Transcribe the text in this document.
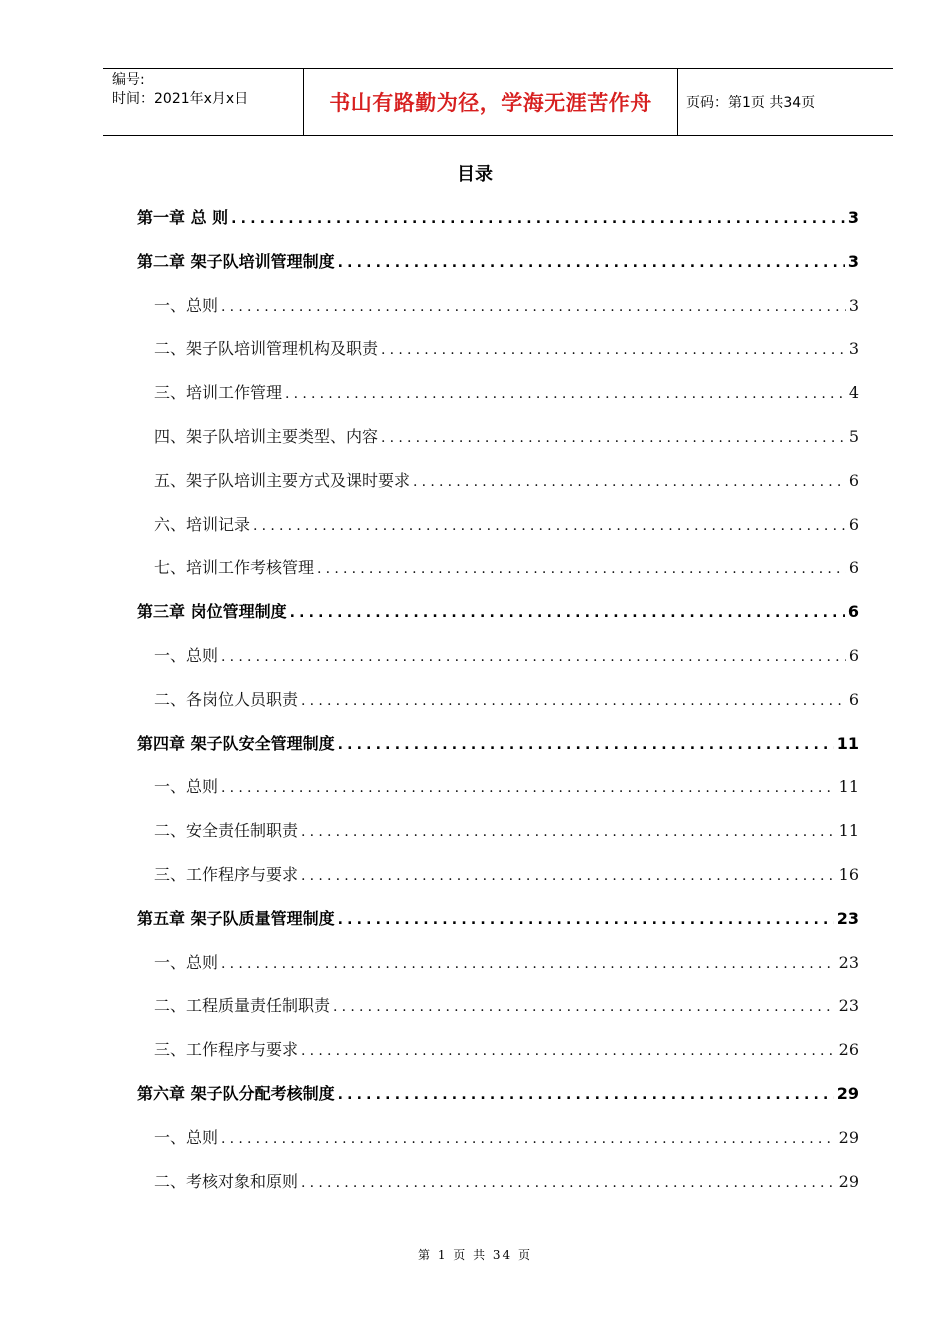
编号:
时间：2021年x月x日	书山有路勤为径，学海无涯苦作舟	页码：第1页 共34页
目录
第一章 总 则 .....	3
第二章 架子队培训管理制度 .....	3
一、总则 .....	3
二、架子队培训管理机构及职责 .....	3
三、培训工作管理 .....	4
四、架子队培训主要类型、内容 .....	5
五、架子队培训主要方式及课时要求 .....	6
六、培训记录 .....	6
七、培训工作考核管理 .....	6
第三章 岗位管理制度 .....	6
一、总则 .....	6
二、各岗位人员职责 .....	6
第四章 架子队安全管理制度 .....	11
一、总则 .....	11
二、安全责任制职责 .....	11
三、工作程序与要求 .....	16
第五章 架子队质量管理制度 .....	23
一、总则 .....	23
二、工程质量责任制职责 .....	23
三、工作程序与要求 .....	26
第六章 架子队分配考核制度 .....	29
一、总则 .....	29
二、考核对象和原则 .....	29
第 1 页 共 34 页
